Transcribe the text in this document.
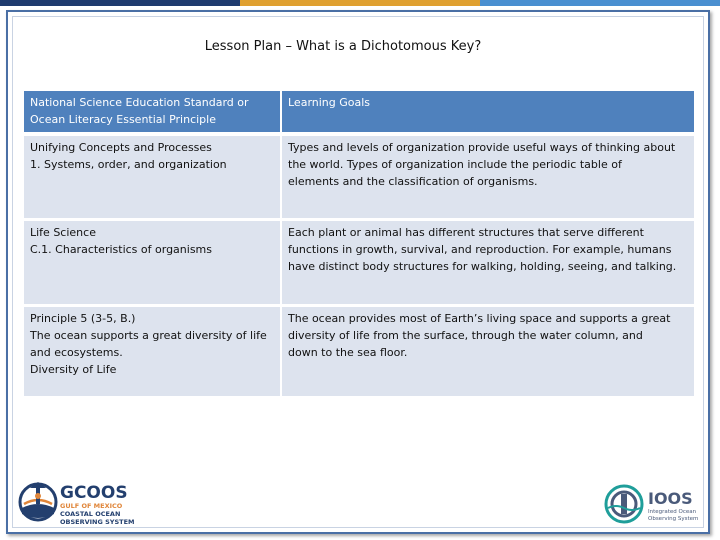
Lesson Plan – What is a Dichotomous Key?
National Science Education Standard or
Ocean Literacy Essential Principle	Learning Goals

Unifying Concepts and Processes
1. Systems, order, and organization	Types and levels of organization provide useful ways of thinking about
the world. Types of organization include the periodic table of
elements and the classification of organisms.

Life Science
C.1. Characteristics of organisms	Each plant or animal has different structures that serve different
functions in growth, survival, and reproduction. For example, humans
have distinct body structures for walking, holding, seeing, and talking.

Principle 5 (3-5, B.)
The ocean supports a great diversity of life
and ecosystems.
Diversity of Life	The ocean provides most of Earth’s living space and supports a great
diversity of life from the surface, through the water column, and
down to the sea floor.
GCOOS
GULF OF MEXICO
COASTAL OCEAN
OBSERVING SYSTEM
IOOS
Integrated Ocean
Observing System
